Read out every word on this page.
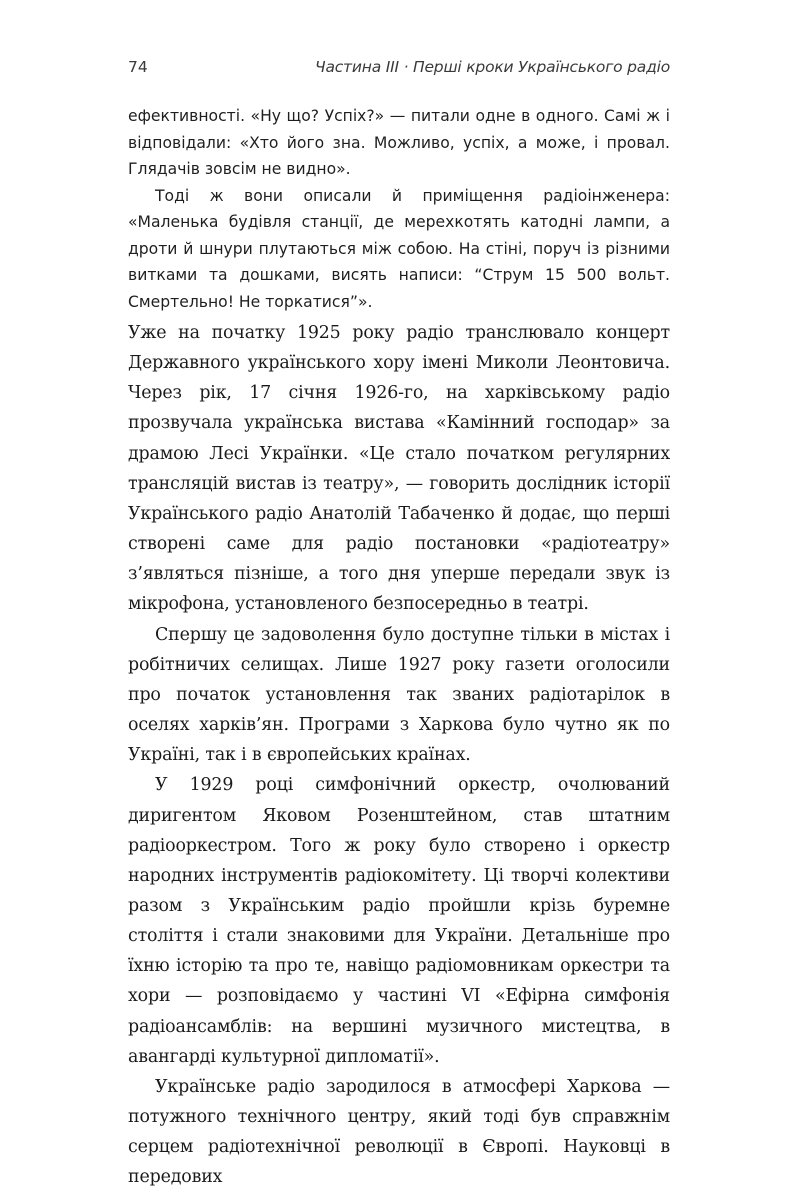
74	Частина ІІІ · Перші кроки Українського радіо

ефективності. «Ну що? Успіх?» — питали одне в одного. Самі ж і відповідали: «Хто його зна. Можливо, успіх, а може, і провал. Глядачів зовсім не видно».

Тоді ж вони описали й приміщення радіоінженера: «Маленька будівля станції, де мерехкотять катодні лампи, а дроти й шнури плутаються між собою. На стіні, поруч із різними витками та дошками, висять написи: “Струм 15 500 вольт. Смертельно! Не торкатися”».

Уже на початку 1925 року радіо транслювало концерт Державного українського хору імені Миколи Леонтовича. Через рік, 17 січня 1926-го, на харківському радіо прозвучала українська вистава «Камінний господар» за драмою Лесі Українки. «Це стало початком регулярних трансляцій вистав із театру», — говорить дослідник історії Українського радіо Анатолій Табаченко й додає, що перші створені саме для радіо постановки «радіотеатру» з’являться пізніше, а того дня уперше передали звук із мікрофона, установленого безпосередньо в театрі.

Спершу це задоволення було доступне тільки в містах і робітничих селищах. Лише 1927 року газети оголосили про початок установлення так званих радіотарілок в оселях харків’ян. Програми з Харкова було чутно як по Україні, так і в європейських країнах.

У 1929 році симфонічний оркестр, очолюваний диригентом Яковом Розенштейном, став штатним радіооркестром. Того ж року було створено і оркестр народних інструментів радіокомітету. Ці творчі колективи разом з Українським радіо пройшли крізь буремне століття і стали знаковими для України. Детальніше про їхню історію та про те, навіщо радіомовникам оркестри та хори — розповідаємо у частині VI «Ефірна симфонія радіоансамблів: на вершині музичного мистецтва, в авангарді культурної дипломатії».

Українське радіо зародилося в атмосфері Харкова — потужного технічного центру, який тоді був справжнім серцем радіотехнічної революції в Європі. Науковці в передових
